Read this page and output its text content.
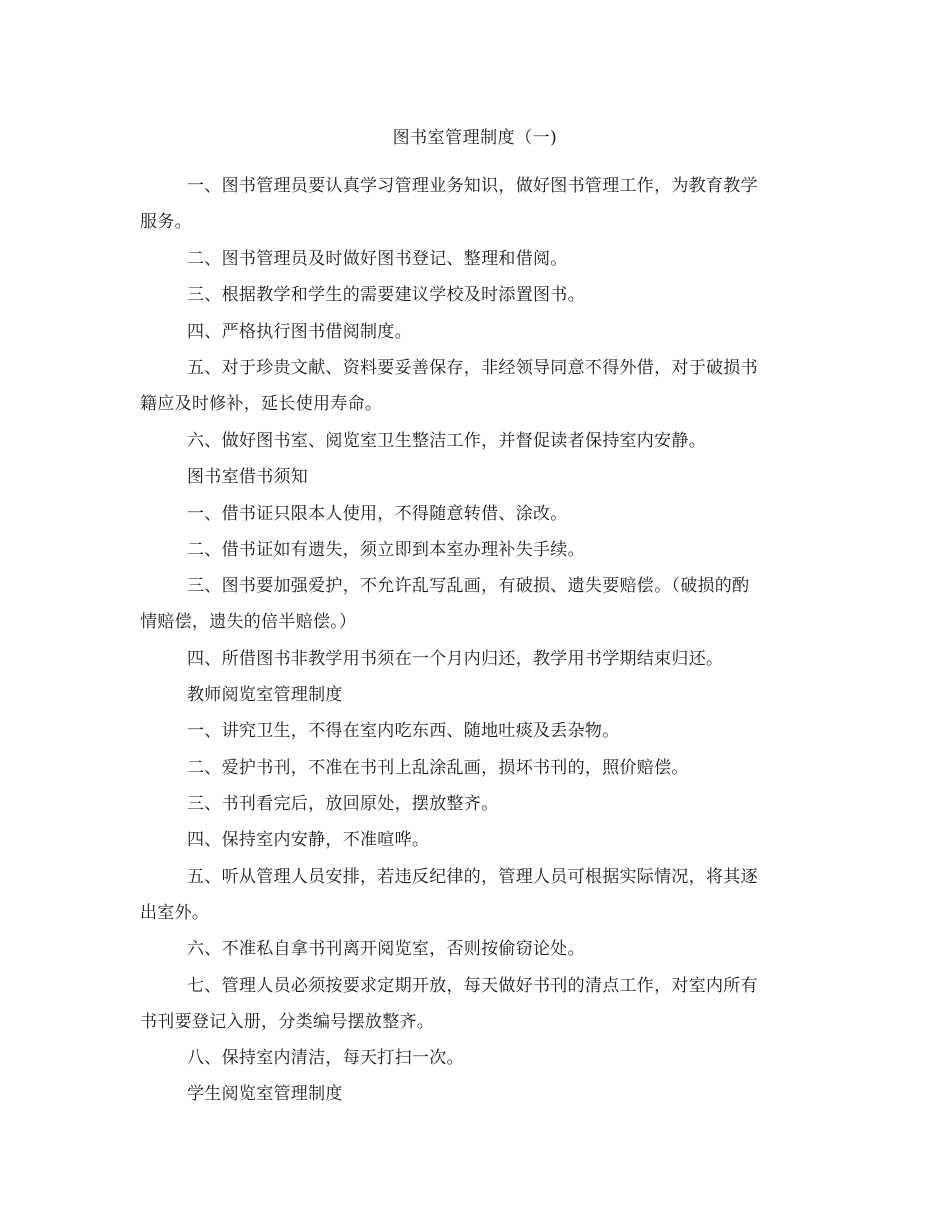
图书室管理制度（一)
一、图书管理员要认真学习管理业务知识，做好图书管理工作，为教育教学
服务。
二、图书管理员及时做好图书登记、整理和借阅。
三、根据教学和学生的需要建议学校及时添置图书。
四、严格执行图书借阅制度。
五、对于珍贵文献、资料要妥善保存，非经领导同意不得外借，对于破损书
籍应及时修补，延长使用寿命。
六、做好图书室、阅览室卫生整洁工作，并督促读者保持室内安静。
图书室借书须知
一、借书证只限本人使用，不得随意转借、涂改。
二、借书证如有遗失，须立即到本室办理补失手续。
三、图书要加强爱护，不允许乱写乱画，有破损、遗失要赔偿。（破损的酌
情赔偿，遗失的倍半赔偿。）
四、所借图书非教学用书须在一个月内归还，教学用书学期结束归还。
教师阅览室管理制度
一、讲究卫生，不得在室内吃东西、随地吐痰及丢杂物。
二、爱护书刊，不准在书刊上乱涂乱画，损坏书刊的，照价赔偿。
三、书刊看完后，放回原处，摆放整齐。
四、保持室内安静，不准喧哗。
五、听从管理人员安排，若违反纪律的，管理人员可根据实际情况，将其逐
出室外。
六、不准私自拿书刊离开阅览室，否则按偷窃论处。
七、管理人员必须按要求定期开放，每天做好书刊的清点工作，对室内所有
书刊要登记入册，分类编号摆放整齐。
八、保持室内清洁，每天打扫一次。
学生阅览室管理制度
